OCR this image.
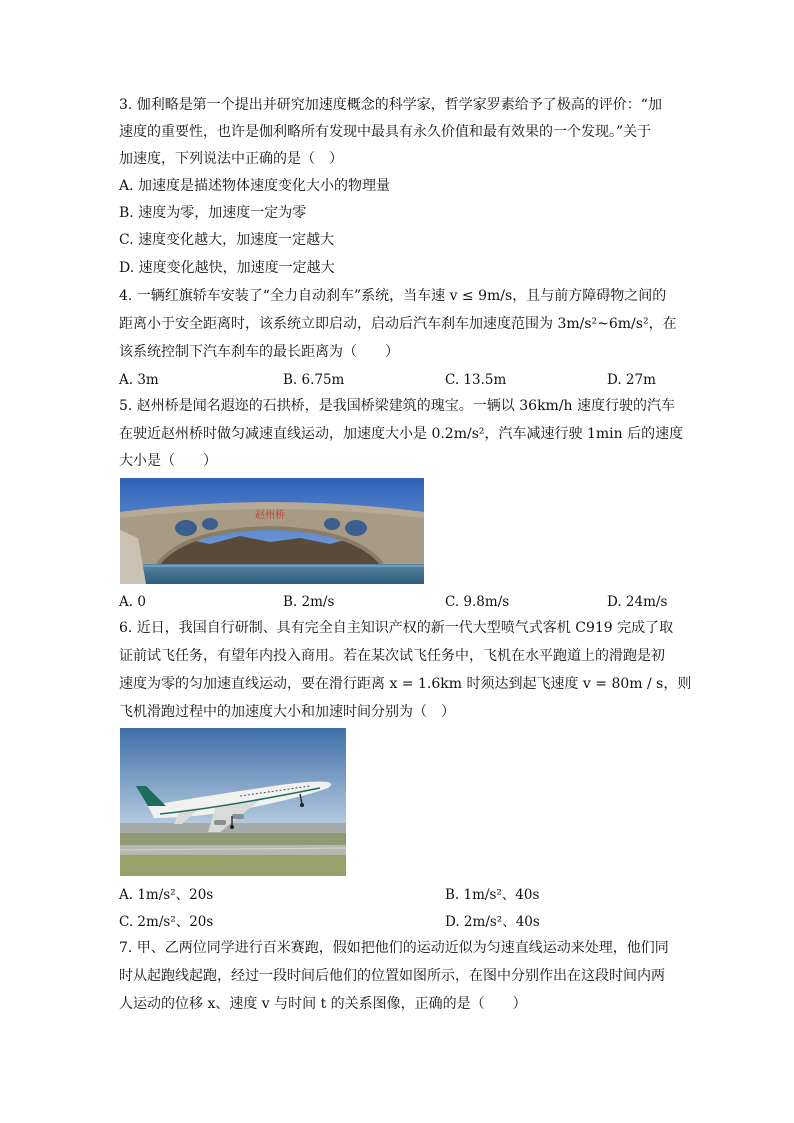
3. 伽利略是第一个提出并研究加速度概念的科学家，哲学家罗素给予了极高的评价：“加
速度的重要性，也许是伽利略所有发现中最具有永久价值和最有效果的一个发现。”关于
加速度，下列说法中正确的是（　）
A. 加速度是描述物体速度变化大小的物理量
B. 速度为零，加速度一定为零
C. 速度变化越大，加速度一定越大
D. 速度变化越快，加速度一定越大
4. 一辆红旗轿车安装了“全力自动刹车”系统，当车速 v ≤ 9m/s，且与前方障碍物之间的
距离小于安全距离时，该系统立即启动，启动后汽车刹车加速度范围为 3m/s²~6m/s²，在
该系统控制下汽车刹车的最长距离为（　　）
A. 3m	B. 6.75m	C. 13.5m	D. 27m
5. 赵州桥是闻名遐迩的石拱桥，是我国桥梁建筑的瑰宝。一辆以 36km/h 速度行驶的汽车
在驶近赵州桥时做匀减速直线运动，加速度大小是 0.2m/s²，汽车减速行驶 1min 后的速度
大小是（　　）
赵州桥
A. 0	B. 2m/s	C. 9.8m/s	D. 24m/s
6. 近日，我国自行研制、具有完全自主知识产权的新一代大型喷气式客机 C919 完成了取
证前试飞任务，有望年内投入商用。若在某次试飞任务中，飞机在水平跑道上的滑跑是初
速度为零的匀加速直线运动，要在滑行距离 x = 1.6km 时须达到起飞速度 v = 80m / s，则
飞机滑跑过程中的加速度大小和加速时间分别为（　）
A. 1m/s²、20s	B. 1m/s²、40s
C. 2m/s²、20s	D. 2m/s²、40s
7. 甲、乙两位同学进行百米赛跑，假如把他们的运动近似为匀速直线运动来处理，他们同
时从起跑线起跑，经过一段时间后他们的位置如图所示，在图中分别作出在这段时间内两
人运动的位移 x、速度 v 与时间 t 的关系图像，正确的是（　　）
